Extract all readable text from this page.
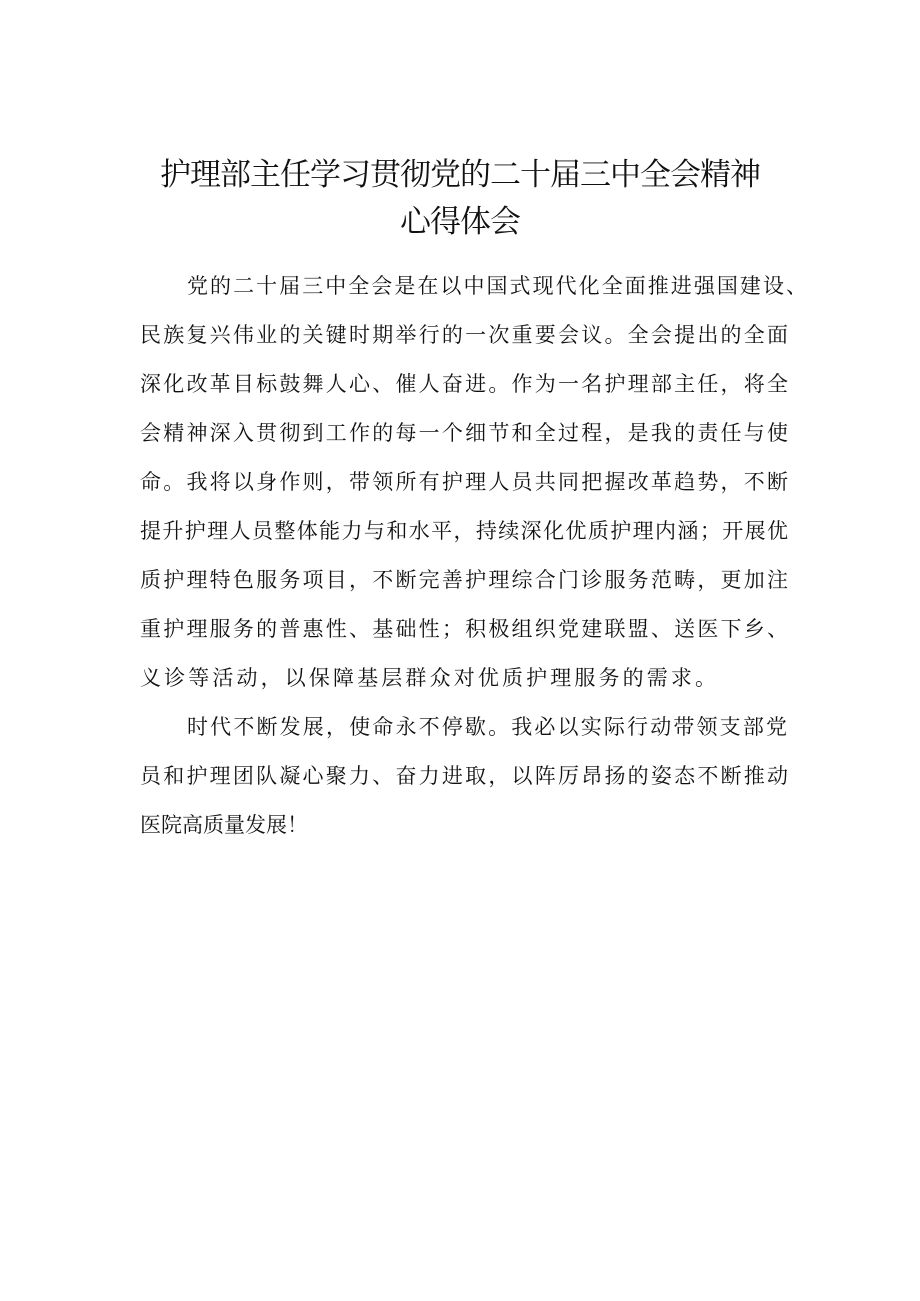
护理部主任学习贯彻党的二十届三中全会精神
心得体会
党的二十届三中全会是在以中国式现代化全面推进强国建设、
民族复兴伟业的关键时期举行的一次重要会议。全会提出的全面
深化改革目标鼓舞人心、催人奋进。作为一名护理部主任，将全
会精神深入贯彻到工作的每一个细节和全过程，是我的责任与使
命。我将以身作则，带领所有护理人员共同把握改革趋势，不断
提升护理人员整体能力与和水平，持续深化优质护理内涵；开展优
质护理特色服务项目，不断完善护理综合门诊服务范畴，更加注
重护理服务的普惠性、基础性；积极组织党建联盟、送医下乡、
义诊等活动，以保障基层群众对优质护理服务的需求。
时代不断发展，使命永不停歇。我必以实际行动带领支部党
员和护理团队凝心聚力、奋力进取，以阵厉昂扬的姿态不断推动
医院高质量发展！
